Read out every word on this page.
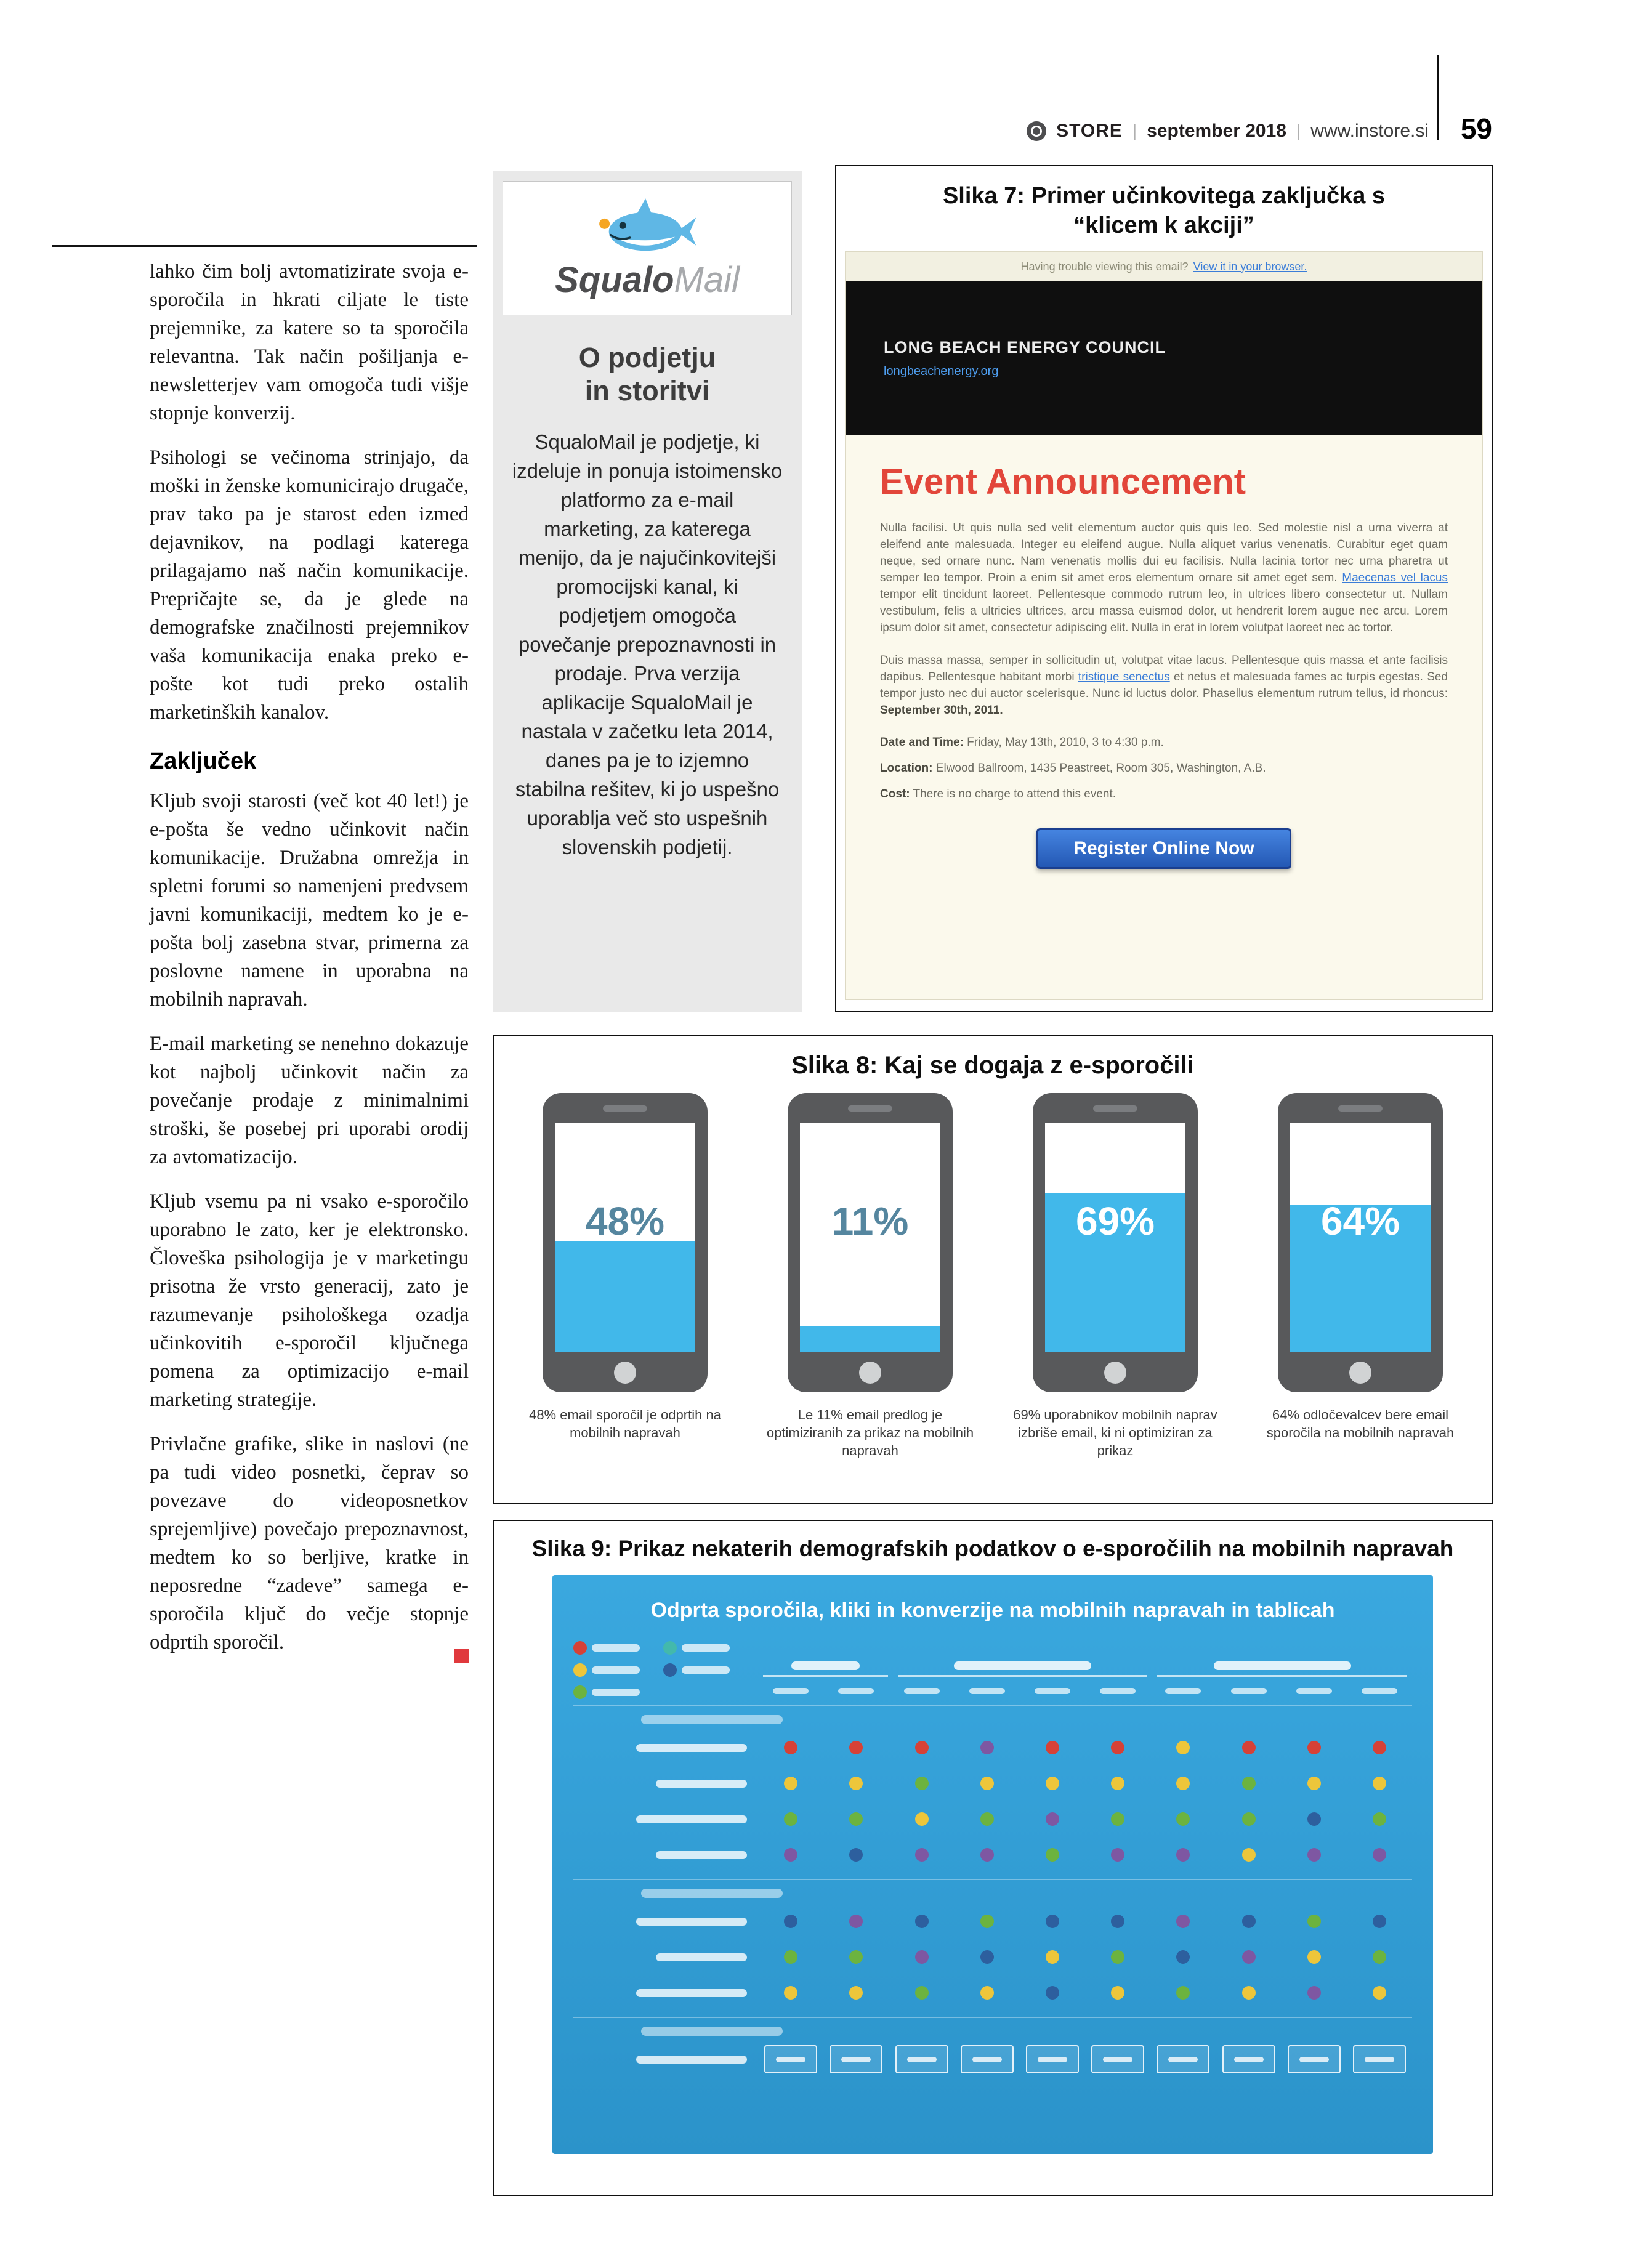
STORE | september 2018 | www.instore.si 59

lahko čim bolj avtomatizirate svoja e-sporočila in hkrati ciljate le tiste prejemnike, za katere so ta sporočila relevantna. Tak način pošiljanja e-newsletterjev vam omogoča tudi višje stopnje konverzij.

Psihologi se večinoma strinjajo, da moški in ženske komunicirajo drugače, prav tako pa je starost eden izmed dejavnikov, na podlagi katerega prilagajamo naš način komunikacije. Prepričajte se, da je glede na demografske značilnosti prejemnikov vaša komunikacija enaka preko e-pošte kot tudi preko ostalih marketinških kanalov.

Zaključek

Kljub svoji starosti (več kot 40 let!) je e-pošta še vedno učinkovit način komunikacije. Družabna omrežja in spletni forumi so namenjeni predvsem javni komunikaciji, medtem ko je e-pošta bolj zasebna stvar, primerna za poslovne namene in uporabna na mobilnih napravah.

E-mail marketing se nenehno dokazuje kot najbolj učinkovit način za povečanje prodaje z minimalnimi stroški, še posebej pri uporabi orodij za avtomatizacijo.

Kljub vsemu pa ni vsako e-sporočilo uporabno le zato, ker je elektronsko. Človeška psihologija je v marketingu prisotna že vrsto generacij, zato je razumevanje psihološkega ozadja učinkovitih e-sporočil ključnega pomena za optimizacijo e-mail marketing strategije.

Privlačne grafike, slike in naslovi (ne pa tudi video posnetki, čeprav so povezave do videoposnetkov sprejemljive) povečajo prepoznavnost, medtem ko so berljive, kratke in neposredne “zadeve” samega e-sporočila ključ do večje stopnje odprtih sporočil.

SqualoMail
O podjetju
in storitvi

SqualoMail je podjetje, ki izdeluje in ponuja istoimensko platformo za e-mail marketing, za katerega menijo, da je najučinkovitejši promocijski kanal, ki podjetjem omogoča povečanje prepoznavnosti in prodaje. Prva verzija aplikacije SqualoMail je nastala v začetku leta 2014, danes pa je to izjemno stabilna rešitev, ki jo uspešno uporablja več sto uspešnih slovenskih podjetij.

Slika 7: Primer učinkovitega zaključka s
“klicem k akciji”
Having trouble viewing this email? View it in your browser.
LONG BEACH ENERGY COUNCIL
longbeachenergy.org
Event Announcement

Nulla facilisi. Ut quis nulla sed velit elementum auctor quis quis leo. Sed molestie nisl a urna viverra at eleifend ante malesuada. Integer eu eleifend augue. Nulla aliquet varius venenatis. Curabitur eget quam neque, sed ornare nunc. Nam venenatis mollis dui eu facilisis. Nulla lacinia tortor nec urna pharetra ut semper leo tempor. Proin a enim sit amet eros elementum ornare sit amet eget sem. Maecenas vel lacus tempor elit tincidunt laoreet. Pellentesque commodo rutrum leo, in ultrices libero consectetur ut. Nullam vestibulum, felis a ultricies ultrices, arcu massa euismod dolor, ut hendrerit lorem augue nec arcu. Lorem ipsum dolor sit amet, consectetur adipiscing elit. Nulla in erat in lorem volutpat laoreet nec ac tortor.

Duis massa massa, semper in sollicitudin ut, volutpat vitae lacus. Pellentesque quis massa et ante facilisis dapibus. Pellentesque habitant morbi tristique senectus et netus et malesuada fames ac turpis egestas. Sed tempor justo nec dui auctor scelerisque. Nunc id luctus dolor. Phasellus elementum rutrum tellus, id rhoncus: September 30th, 2011.

Date and Time: Friday, May 13th, 2010, 3 to 4:30 p.m.

Location: Elwood Ballroom, 1435 Peastreet, Room 305, Washington, A.B.

Cost: There is no charge to attend this event.

Register Online Now
Slika 8: Kaj se dogaja z e-sporočili
48%
48% email sporočil je odprtih na mobilnih napravah
11%
Le 11% email predlog je optimiziranih za prikaz na mobilnih napravah
69%
69% uporabnikov mobilnih naprav izbriše email, ki ni optimiziran za prikaz
64%
64% odločevalcev bere email sporočila na mobilnih napravah
Slika 9: Prikaz nekaterih demografskih podatkov o e-sporočilih na mobilnih napravah
Odprta sporočila, kliki in konverzije na mobilnih napravah in tablicah
